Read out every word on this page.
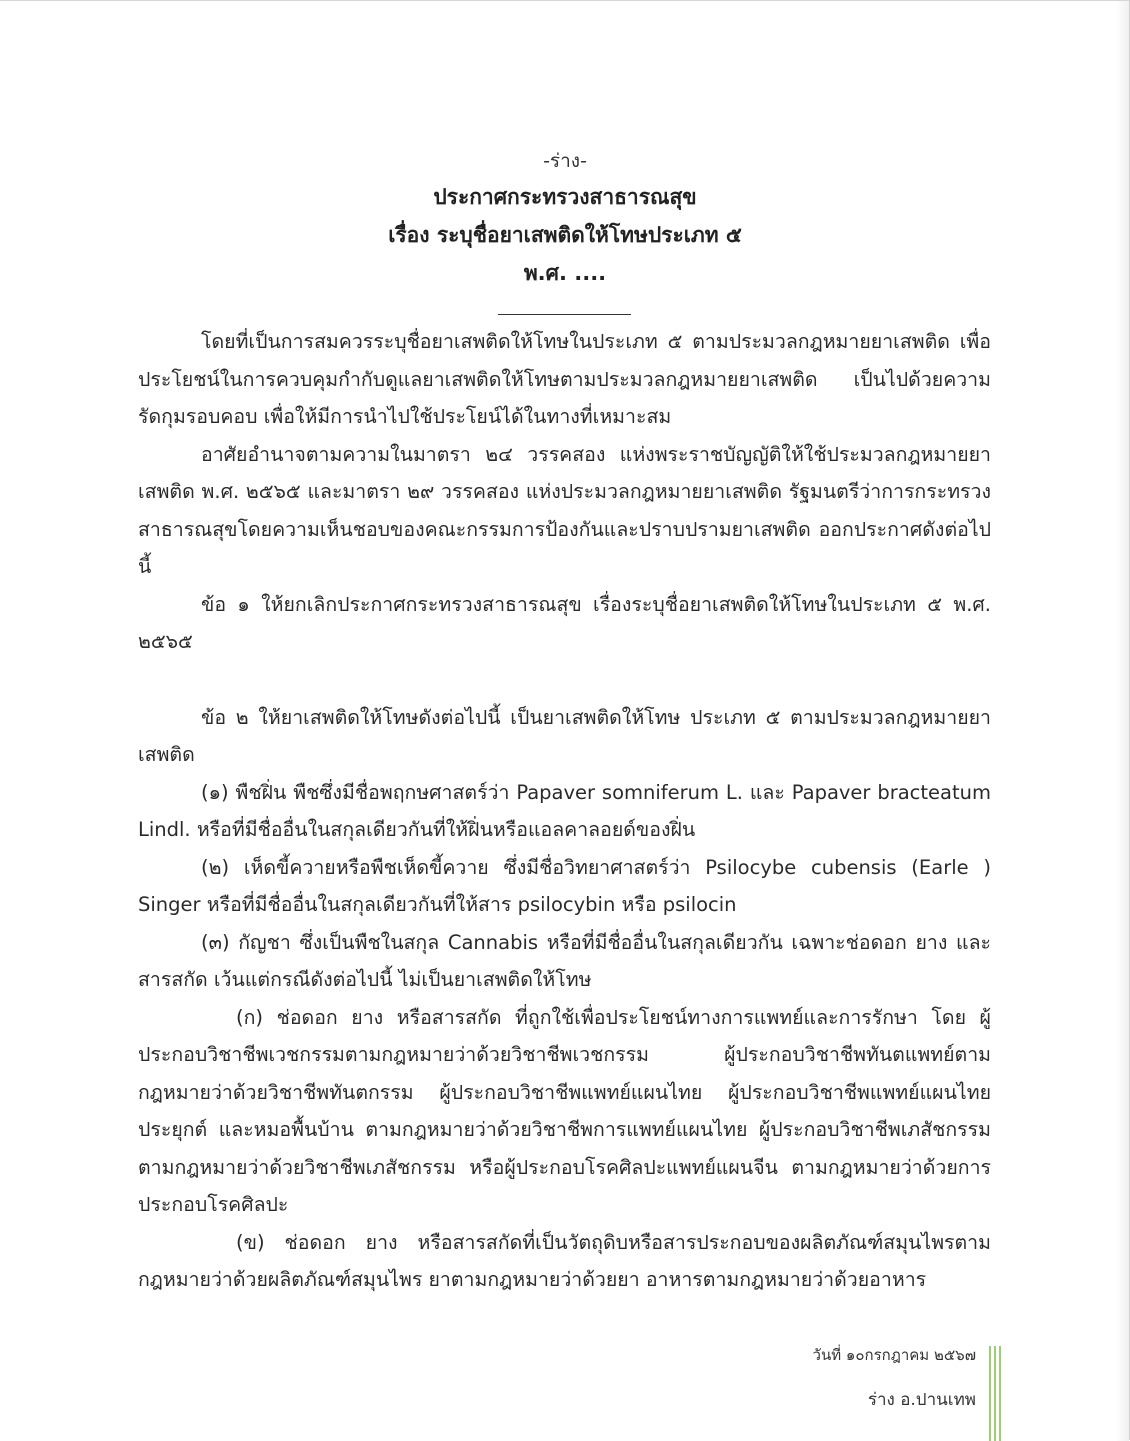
-ร่าง-
ประกาศกระทรวงสาธารณสุข
เรื่อง ระบุชื่อยาเสพติดให้โทษประเภท ๕
พ.ศ. ....

โดยที่เป็นการสมควรระบุชื่อยาเสพติดให้โทษในประเภท ๕ ตามประมวลกฎหมายยาเสพติด เพื่อประโยชน์ในการควบคุมกำกับดูแลยาเสพติดให้โทษตามประมวลกฎหมายยาเสพติด เป็นไปด้วยความรัดกุมรอบคอบ เพื่อให้มีการนำไปใช้ประโยน์ได้ในทางที่เหมาะสม

อาศัยอำนาจตามความในมาตรา ๒๔ วรรคสอง แห่งพระราชบัญญัติให้ใช้ประมวลกฎหมายยาเสพติด พ.ศ. ๒๕๖๕ และมาตรา ๒๙ วรรคสอง แห่งประมวลกฎหมายยาเสพติด รัฐมนตรีว่าการกระทรวงสาธารณสุขโดยความเห็นชอบของคณะกรรมการป้องกันและปราบปรามยาเสพติด ออกประกาศดังต่อไปนี้

ข้อ ๑ ให้ยกเลิกประกาศกระทรวงสาธารณสุข เรื่องระบุชื่อยาเสพติดให้โทษในประเภท ๕ พ.ศ. ๒๕๖๕

ข้อ ๒ ให้ยาเสพติดให้โทษดังต่อไปนี้ เป็นยาเสพติดให้โทษ ประเภท ๕ ตามประมวลกฎหมายยาเสพติด

(๑) พืชฝิ่น พืชซึ่งมีชื่อพฤกษศาสตร์ว่า Papaver somniferum L. และ Papaver bracteatum Lindl. หรือที่มีชื่ออื่นในสกุลเดียวกันที่ให้ฝิ่นหรือแอลคาลอยด์ของฝิ่น

(๒) เห็ดขี้ควายหรือพืชเห็ดขี้ควาย ซึ่งมีชื่อวิทยาศาสตร์ว่า Psilocybe cubensis (Earle ) Singer หรือที่มีชื่ออื่นในสกุลเดียวกันที่ให้สาร psilocybin หรือ psilocin

(๓) กัญชา ซึ่งเป็นพืชในสกุล Cannabis หรือที่มีชื่ออื่นในสกุลเดียวกัน เฉพาะช่อดอก ยาง และสารสกัด เว้นแต่กรณีดังต่อไปนี้ ไม่เป็นยาเสพติดให้โทษ

(ก) ช่อดอก ยาง หรือสารสกัด ที่ถูกใช้เพื่อประโยชน์ทางการแพทย์และการรักษา โดย ผู้ประกอบวิชาชีพเวชกรรมตามกฎหมายว่าด้วยวิชาชีพเวชกรรม ผู้ประกอบวิชาชีพทันตแพทย์ตามกฎหมายว่าด้วยวิชาชีพทันตกรรม ผู้ประกอบวิชาชีพแพทย์แผนไทย ผู้ประกอบวิชาชีพแพทย์แผนไทยประยุกต์ และหมอพื้นบ้าน ตามกฎหมายว่าด้วยวิชาชีพการแพทย์แผนไทย ผู้ประกอบวิชาชีพเภสัชกรรมตามกฎหมายว่าด้วยวิชาชีพเภสัชกรรม หรือผู้ประกอบโรคศิลปะแพทย์แผนจีน ตามกฎหมายว่าด้วยการประกอบโรคศิลปะ

(ข) ช่อดอก ยาง หรือสารสกัดที่เป็นวัตถุดิบหรือสารประกอบของผลิตภัณฑ์สมุนไพรตามกฎหมายว่าด้วยผลิตภัณฑ์สมุนไพร ยาตามกฎหมายว่าด้วยยา อาหารตามกฎหมายว่าด้วยอาหาร

วันที่ ๑๐กรกฎาคม ๒๕๖๗
ร่าง อ.ปานเทพ
